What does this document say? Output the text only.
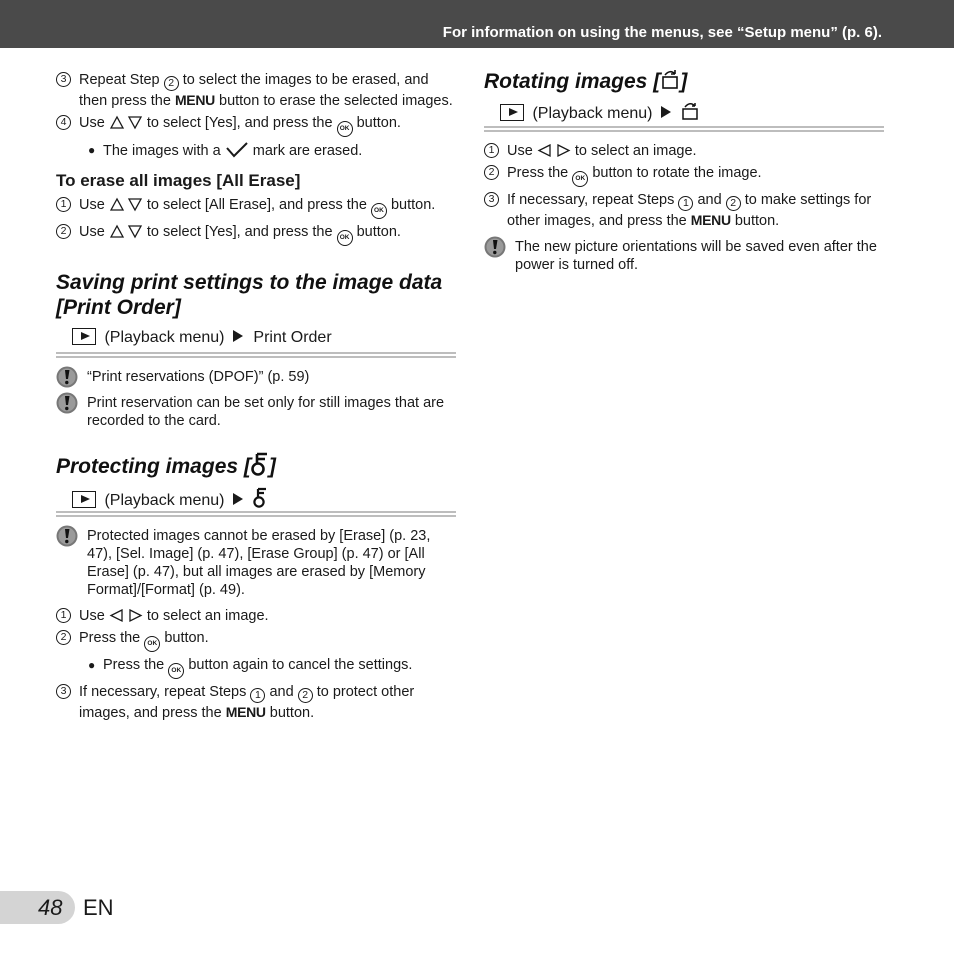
For information on using the menus, see “Setup menu” (p. 6).
3 Repeat Step 2 to select the images to be erased, and then press the MENU button to erase the selected images.
4 Use	to select [Yes], and press the OK button.
● The images with a mark are erased.
To erase all images [All Erase]
1 Use	to select [All Erase], and press the OK button.
2 Use	to select [Yes], and press the OK button.
Saving print settings to the image data [Print Order]
(Playback menu) Print Order
“Print reservations (DPOF)” (p. 59)
Print reservation can be set only for still images that are recorded to the card.
Protecting images [ ]
(Playback menu)
Protected images cannot be erased by [Erase] (p. 23, 47), [Sel. Image] (p. 47), [Erase Group] (p. 47) or [All Erase] (p. 47), but all images are erased by [Memory Format]/[Format] (p. 49).
1 Use	to select an image.
2 Press the OK button.
● Press the OK button again to cancel the settings.
3 If necessary, repeat Steps 1 and 2 to protect other images, and press the MENU button.
Rotating images [ ]
(Playback menu)
1 Use	to select an image.
2 Press the OK button to rotate the image.
3 If necessary, repeat Steps 1 and 2 to make settings for other images, and press the MENU button.
The new picture orientations will be saved even after the power is turned off.
48 EN
